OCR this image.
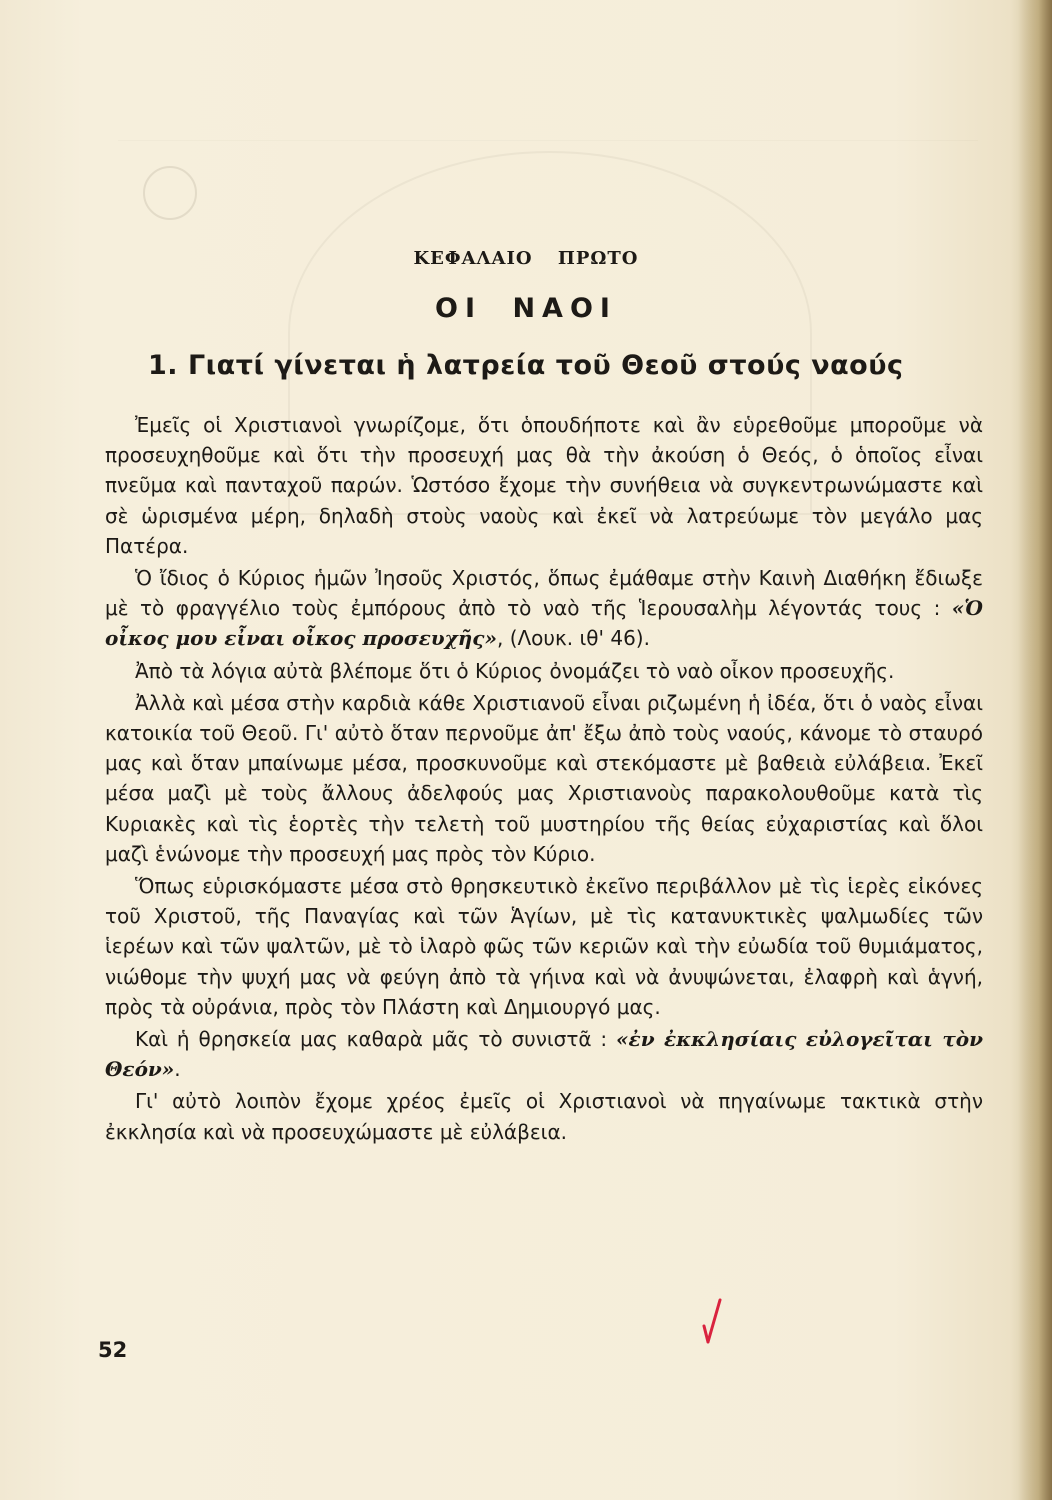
ΚΕΦΑΛΑΙΟ ΠΡΩΤΟ
ΟΙ ΝΑΟΙ
1. Γιατί γίνεται ἡ λατρεία τοῦ Θεοῦ στούς ναούς

Ἐμεῖς οἱ Χριστιανοὶ γνωρίζομε, ὅτι ὁπουδήποτε καὶ ἂν εὑρεθοῦμε μποροῦμε νὰ προσευχηθοῦμε καὶ ὅτι τὴν προσευχή μας θὰ τὴν ἀκούση ὁ Θεός, ὁ ὁποῖος εἶναι πνεῦμα καὶ πανταχοῦ παρών. Ὡστόσο ἔχομε τὴν συνήθεια νὰ συγκεντρωνώμαστε καὶ σὲ ὡρισμένα μέρη, δηλαδὴ στοὺς ναοὺς καὶ ἐκεῖ νὰ λατρεύωμε τὸν μεγάλο μας Πατέρα.

Ὁ ἴδιος ὁ Κύριος ἡμῶν Ἰησοῦς Χριστός, ὅπως ἐμάθαμε στὴν Καινὴ Διαθήκη ἔδιωξε μὲ τὸ φραγγέλιο τοὺς ἐμπόρους ἀπὸ τὸ ναὸ τῆς Ἱερουσαλὴμ λέγοντάς τους : «Ὁ οἶκος μου εἶναι οἶκος προσευχῆς», (Λουκ. ιθ' 46).

Ἀπὸ τὰ λόγια αὐτὰ βλέπομε ὅτι ὁ Κύριος ὀνομάζει τὸ ναὸ οἶκον προσευχῆς.

Ἀλλὰ καὶ μέσα στὴν καρδιὰ κάθε Χριστιανοῦ εἶναι ριζωμένη ἡ ἰδέα, ὅτι ὁ ναὸς εἶναι κατοικία τοῦ Θεοῦ. Γι' αὐτὸ ὅταν περνοῦμε ἀπ' ἔξω ἀπὸ τοὺς ναούς, κάνομε τὸ σταυρό μας καὶ ὅταν μπαίνωμε μέσα, προσκυνοῦμε καὶ στεκόμαστε μὲ βαθειὰ εὐλάβεια. Ἐκεῖ μέσα μαζὶ μὲ τοὺς ἄλλους ἀδελφούς μας Χριστιανοὺς παρακολουθοῦμε κατὰ τὶς Κυριακὲς καὶ τὶς ἑορτὲς τὴν τελετὴ τοῦ μυστηρίου τῆς θείας εὐχαριστίας καὶ ὅλοι μαζὶ ἑνώνομε τὴν προσευχή μας πρὸς τὸν Κύριο.

Ὅπως εὑρισκόμαστε μέσα στὸ θρησκευτικὸ ἐκεῖνο περιβάλλον μὲ τὶς ἱερὲς εἰκόνες τοῦ Χριστοῦ, τῆς Παναγίας καὶ τῶν Ἁγίων, μὲ τὶς κατανυκτικὲς ψαλμωδίες τῶν ἱερέων καὶ τῶν ψαλτῶν, μὲ τὸ ἱλαρὸ φῶς τῶν κεριῶν καὶ τὴν εὐωδία τοῦ θυμιάματος, νιώθομε τὴν ψυχή μας νὰ φεύγη ἀπὸ τὰ γήινα καὶ νὰ ἀνυψώνεται, ἐλαφρὴ καὶ ἁγνή, πρὸς τὰ οὐράνια, πρὸς τὸν Πλάστη καὶ Δημιουργό μας.

Καὶ ἡ θρησκεία μας καθαρὰ μᾶς τὸ συνιστᾶ : «ἐν ἐκκλησίαις εὐλογεῖται τὸν Θεόν».

Γι' αὐτὸ λοιπὸν ἔχομε χρέος ἐμεῖς οἱ Χριστιανοὶ νὰ πηγαίνωμε τακτικὰ στὴν ἐκκλησία καὶ νὰ προσευχώμαστε μὲ εὐλάβεια.

52
